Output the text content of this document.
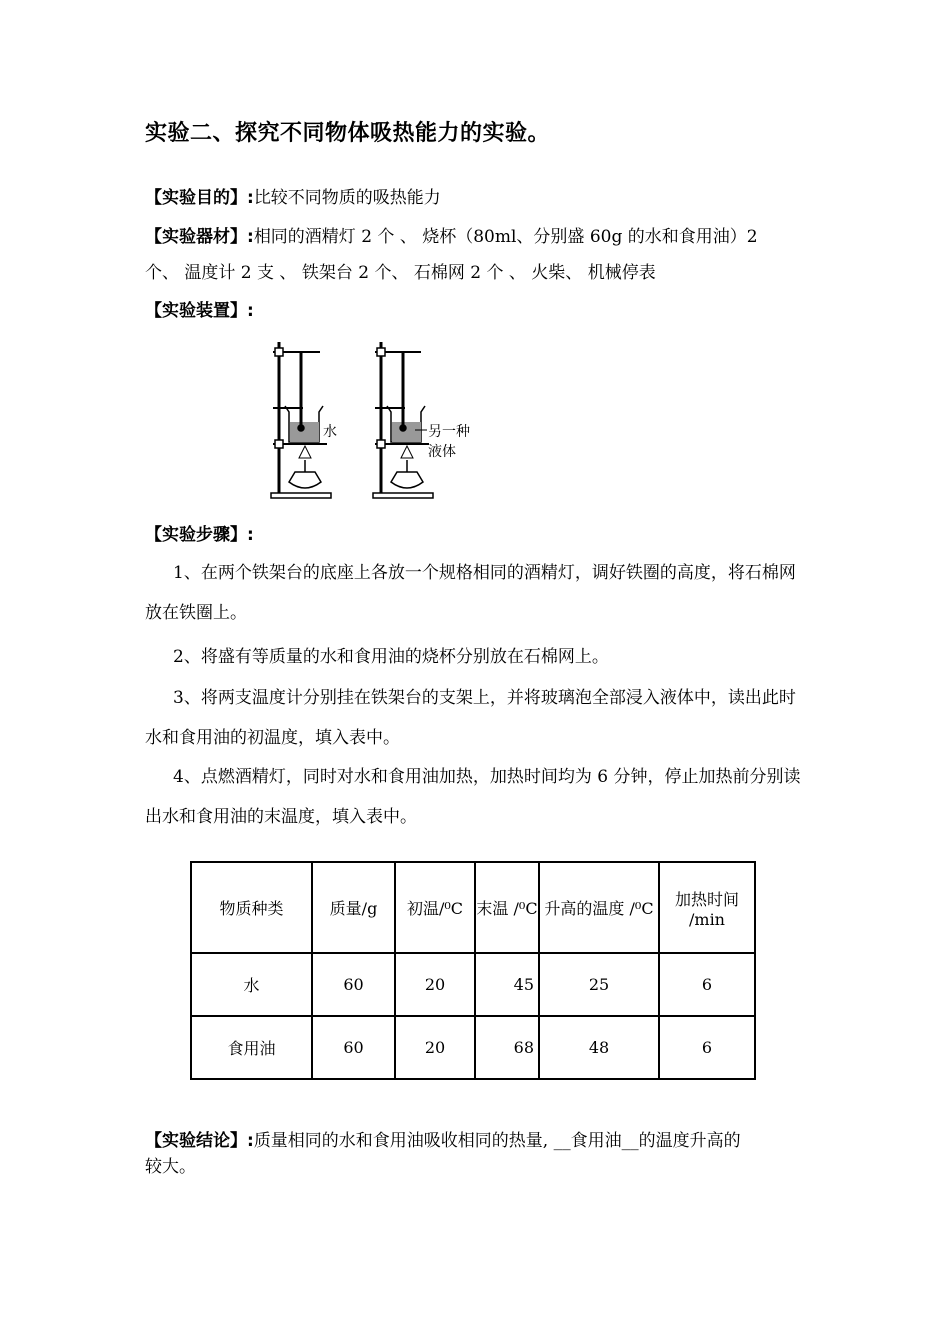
实验二、探究不同物体吸热能力的实验。
【实验目的】:比较不同物质的吸热能力
【实验器材】:相同的酒精灯 2 个 、 烧杯（80ml、分别盛 60g 的水和食用油）2
个、 温度计 2 支 、 铁架台 2 个、 石棉网 2 个 、 火柴、 机械停表
【实验装置】:
水	另一种
液体
【实验步骤】:
1、在两个铁架台的底座上各放一个规格相同的酒精灯，调好铁圈的高度，将石棉网放在铁圈上。
2、将盛有等质量的水和食用油的烧杯分别放在石棉网上。
3、将两支温度计分别挂在铁架台的支架上，并将玻璃泡全部浸入液体中，读出此时水和食用油的初温度，填入表中。
4、点燃酒精灯，同时对水和食用油加热，加热时间均为 6 分钟，停止加热前分别读出水和食用油的末温度，填入表中。
物质种类	质量/g	初温/⁰C	末温 /⁰C	升高的温度 /⁰C	加热时间 /min
水	60	20	45	25	6
食用油	60	20	68	48	6
【实验结论】:质量相同的水和食用油吸收相同的热量, __食用油__的温度升高的
较大。
